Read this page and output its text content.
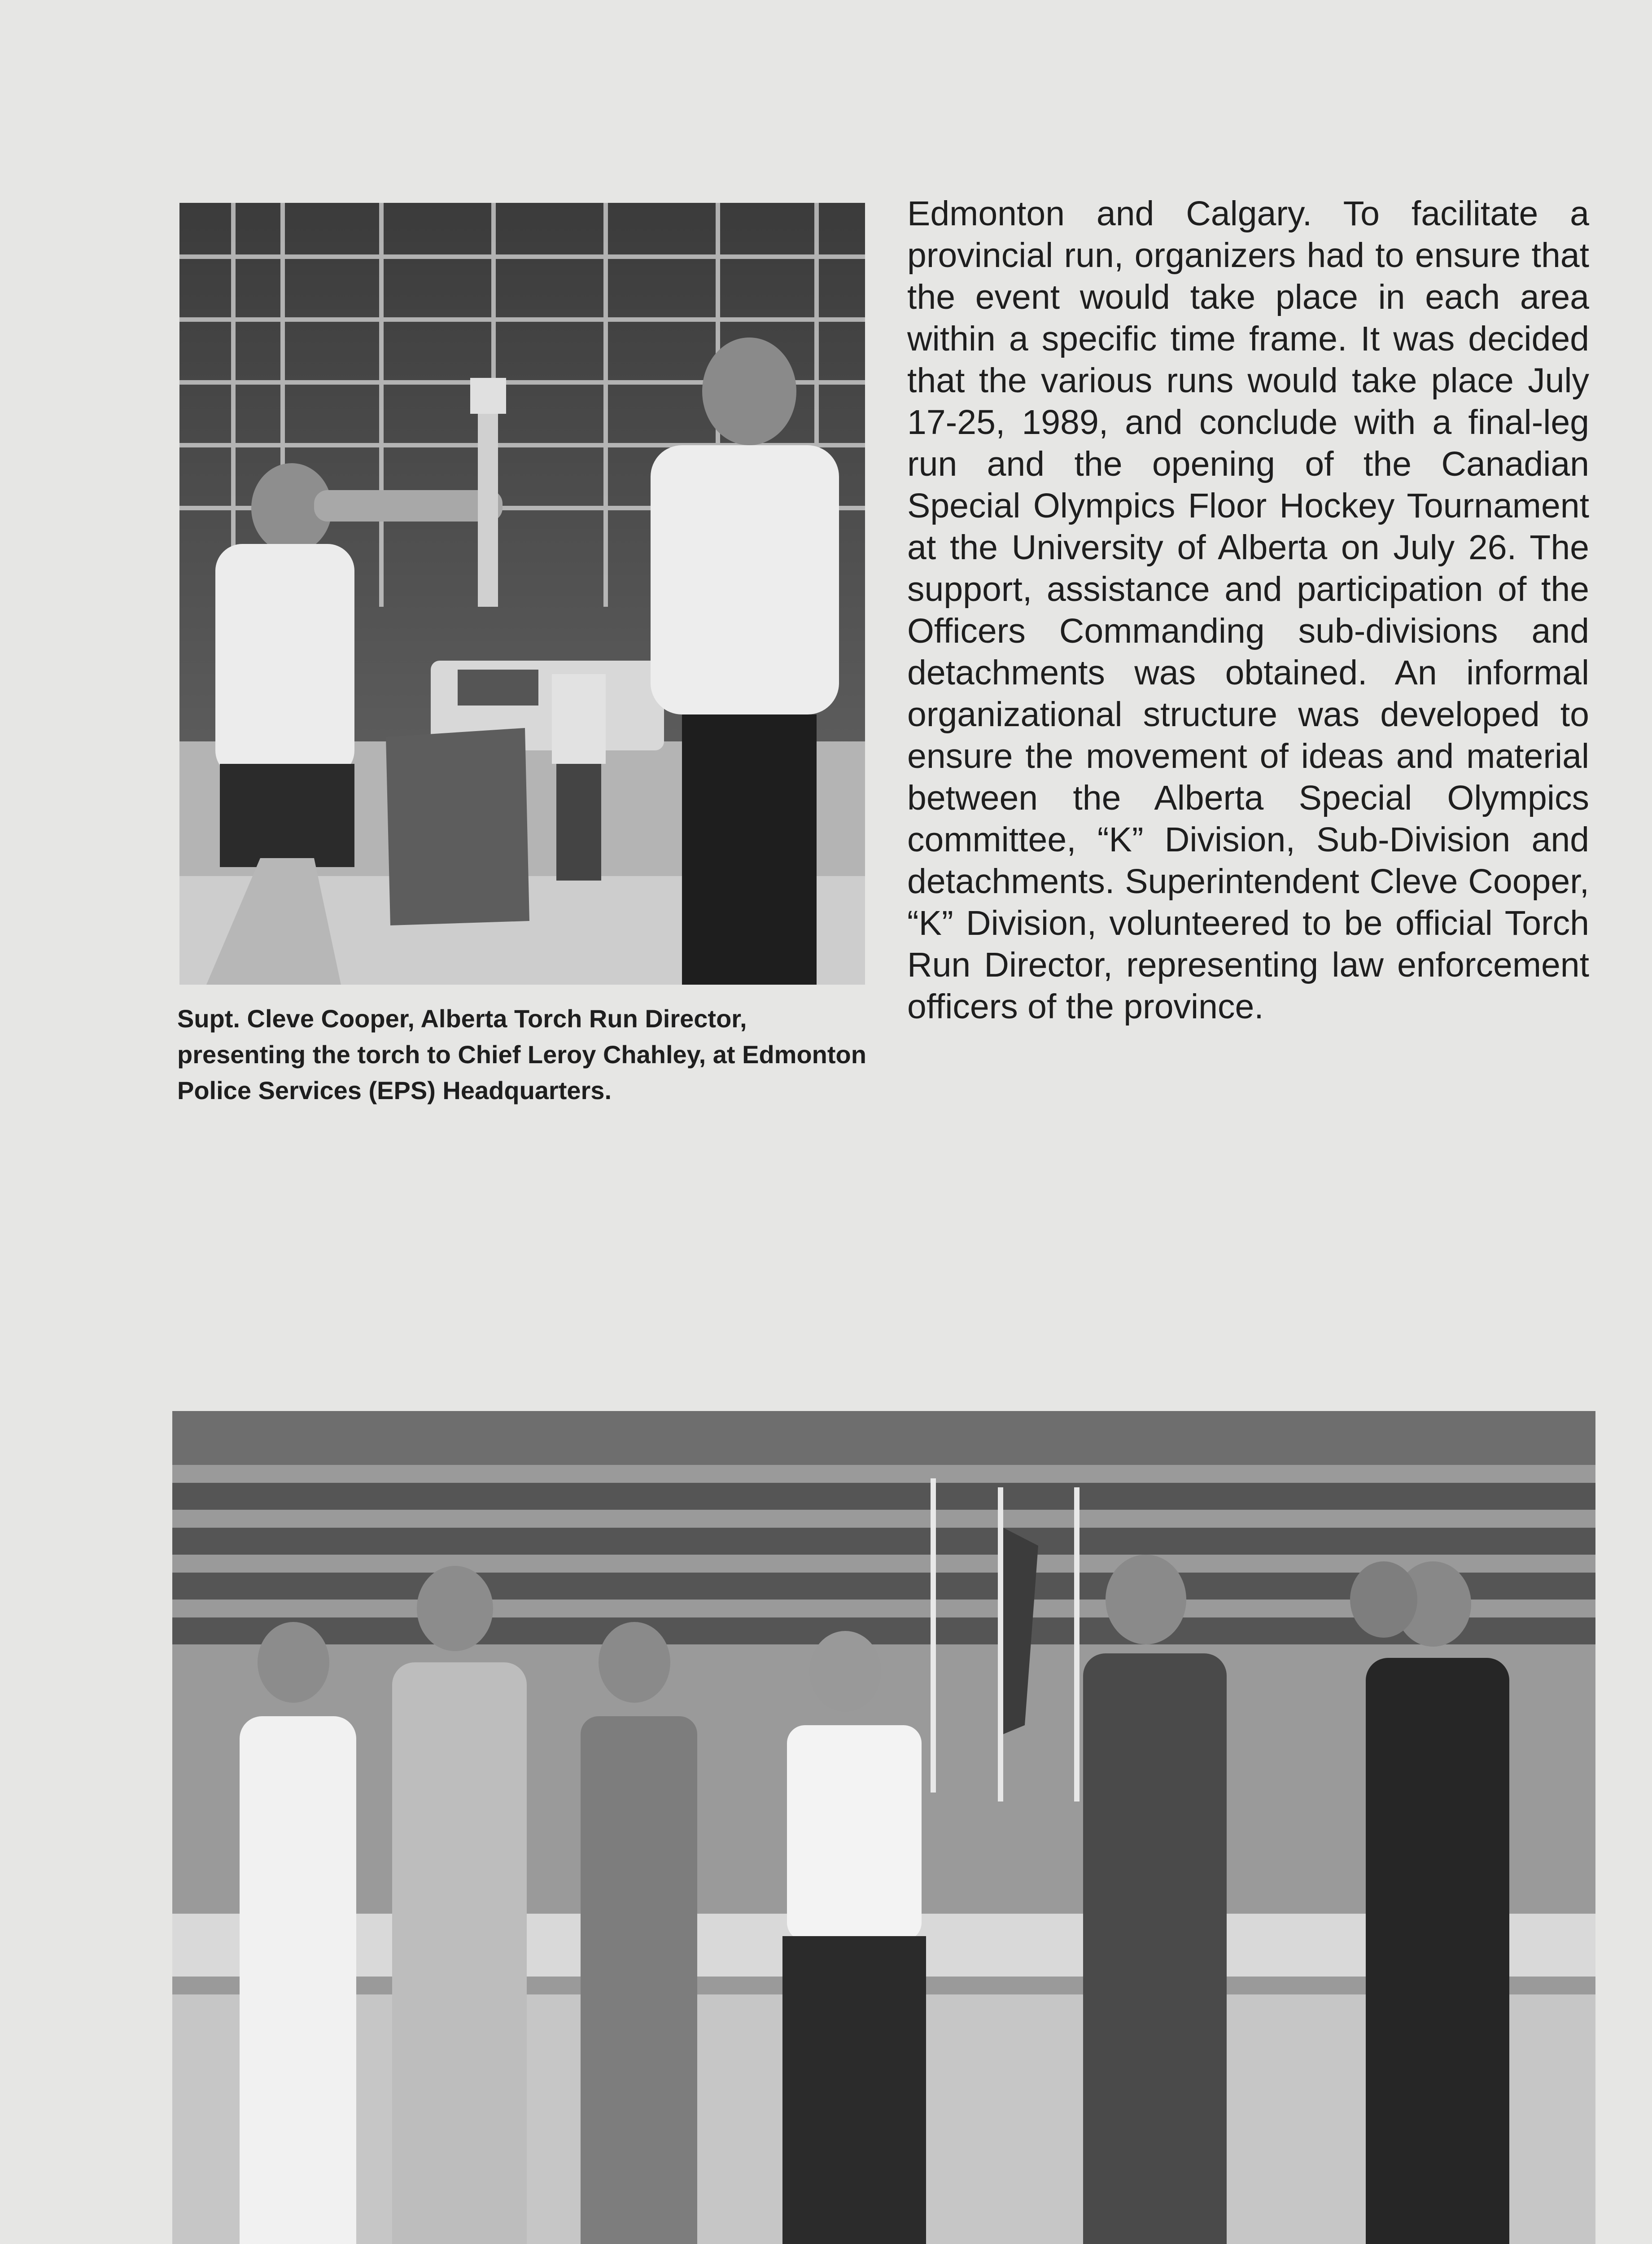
Supt. Cleve Cooper, Alberta Torch Run Director, presenting the torch to Chief Leroy Chahley, at Edmonton Police Services (EPS) Headquarters.

Edmonton and Calgary. To facilitate a provincial run, organizers had to ensure that the event would take place in each area within a specific time frame. It was decided that the various runs would take place July 17-25, 1989, and conclude with a final-leg run and the opening of the Canadian Special Olympics Floor Hockey Tournament at the University of Alberta on July 26. The support, assistance and participation of the Officers Commanding sub-divisions and detachments was obtained. An informal organizational structure was developed to ensure the movement of ideas and material between the Alberta Special Olympics committee, “K” Division, Sub-Division and detachments. Superintendent Cleve Cooper, “K” Division, volunteered to be official Torch Run Director, representing law enforcement officers of the province.
